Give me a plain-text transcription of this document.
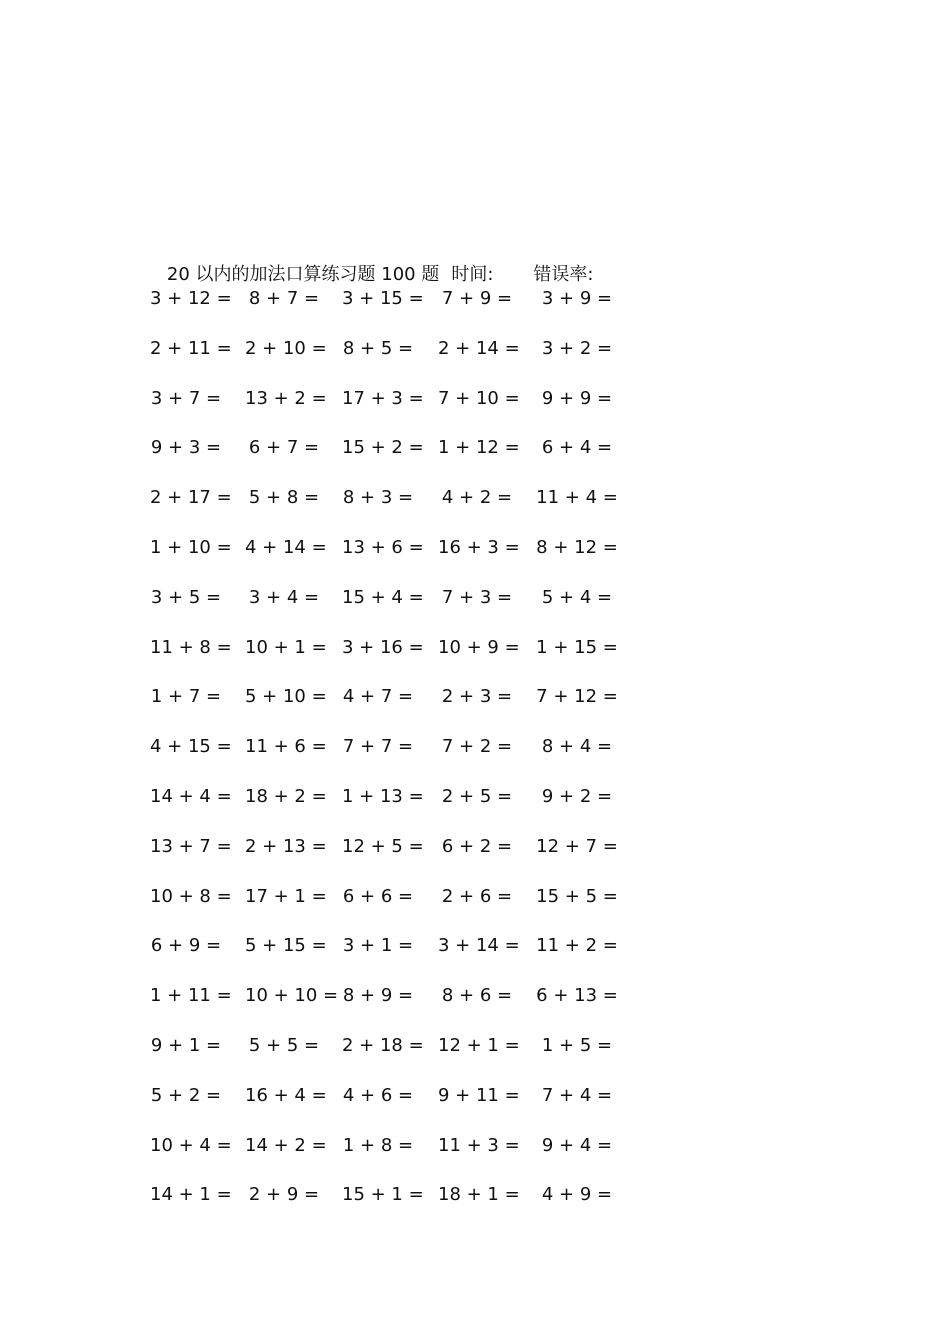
20 以内的加法口算练习题 100 题 时间: 错误率:

3 + 12 = 8 + 7 = 3 + 15 = 7 + 9 = 3 + 9 =
2 + 11 = 2 + 10 = 8 + 5 = 2 + 14 = 3 + 2 =
3 + 7 = 13 + 2 = 17 + 3 = 7 + 10 = 9 + 9 =
9 + 3 = 6 + 7 = 15 + 2 = 1 + 12 = 6 + 4 =
2 + 17 = 5 + 8 = 8 + 3 = 4 + 2 = 11 + 4 =
1 + 10 = 4 + 14 = 13 + 6 = 16 + 3 = 8 + 12 =
3 + 5 = 3 + 4 = 15 + 4 = 7 + 3 = 5 + 4 =
11 + 8 = 10 + 1 = 3 + 16 = 10 + 9 = 1 + 15 =
1 + 7 = 5 + 10 = 4 + 7 = 2 + 3 = 7 + 12 =
4 + 15 = 11 + 6 = 7 + 7 = 7 + 2 = 8 + 4 =
14 + 4 = 18 + 2 = 1 + 13 = 2 + 5 = 9 + 2 =
13 + 7 = 2 + 13 = 12 + 5 = 6 + 2 = 12 + 7 =
10 + 8 = 17 + 1 = 6 + 6 = 2 + 6 = 15 + 5 =
6 + 9 = 5 + 15 = 3 + 1 = 3 + 14 = 11 + 2 =
1 + 11 = 10 + 10 = 8 + 9 = 8 + 6 = 6 + 13 =
9 + 1 = 5 + 5 = 2 + 18 = 12 + 1 = 1 + 5 =
5 + 2 = 16 + 4 = 4 + 6 = 9 + 11 = 7 + 4 =
10 + 4 = 14 + 2 = 1 + 8 = 11 + 3 = 9 + 4 =
14 + 1 = 2 + 9 = 15 + 1 = 18 + 1 = 4 + 9 =
